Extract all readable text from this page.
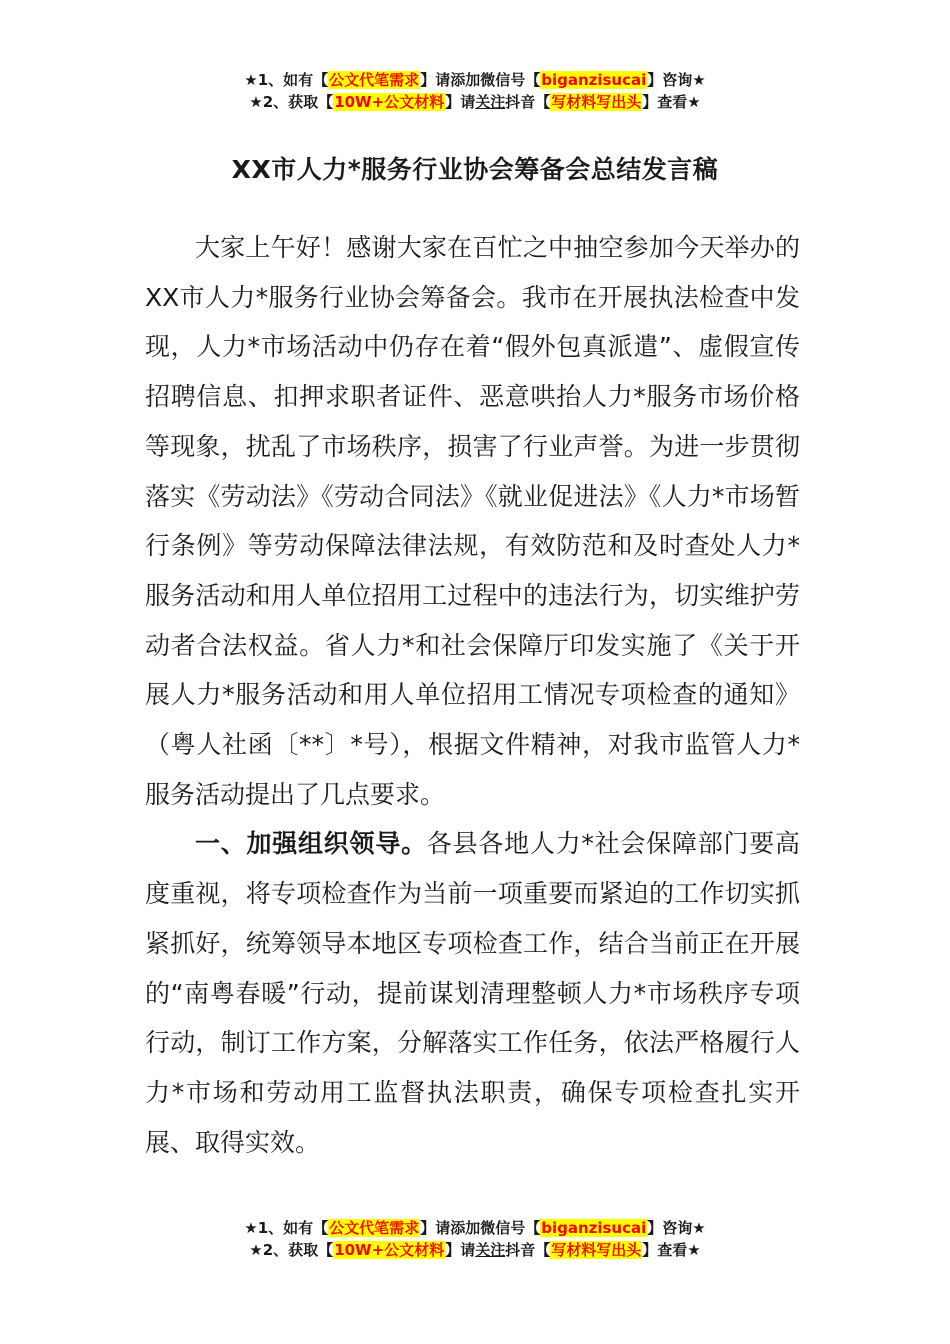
★1、如有【公文代笔需求】请添加微信号【biganzisucai】咨询★
★2、获取【10W+公文材料】请关注抖音【写材料写出头】查看★
XX市人力*服务行业协会筹备会总结发言稿

大家上午好！感谢大家在百忙之中抽空参加今天举办的XX市人力*服务行业协会筹备会。我市在开展执法检查中发现，人力*市场活动中仍存在着“假外包真派遣”、虚假宣传招聘信息、扣押求职者证件、恶意哄抬人力*服务市场价格等现象，扰乱了市场秩序，损害了行业声誉。为进一步贯彻落实《劳动法》《劳动合同法》《就业促进法》《人力*市场暂行条例》等劳动保障法律法规，有效防范和及时查处人力*服务活动和用人单位招用工过程中的违法行为，切实维护劳动者合法权益。省人力*和社会保障厅印发实施了《关于开展人力*服务活动和用人单位招用工情况专项检查的通知》（粤人社函〔**〕*号），根据文件精神，对我市监管人力*服务活动提出了几点要求。

一、加强组织领导。各县各地人力*社会保障部门要高度重视，将专项检查作为当前一项重要而紧迫的工作切实抓紧抓好，统筹领导本地区专项检查工作，结合当前正在开展的“南粤春暖”行动，提前谋划清理整顿人力*市场秩序专项行动，制订工作方案，分解落实工作任务，依法严格履行人力*市场和劳动用工监督执法职责，确保专项检查扎实开展、取得实效。

★1、如有【公文代笔需求】请添加微信号【biganzisucai】咨询★
★2、获取【10W+公文材料】请关注抖音【写材料写出头】查看★
